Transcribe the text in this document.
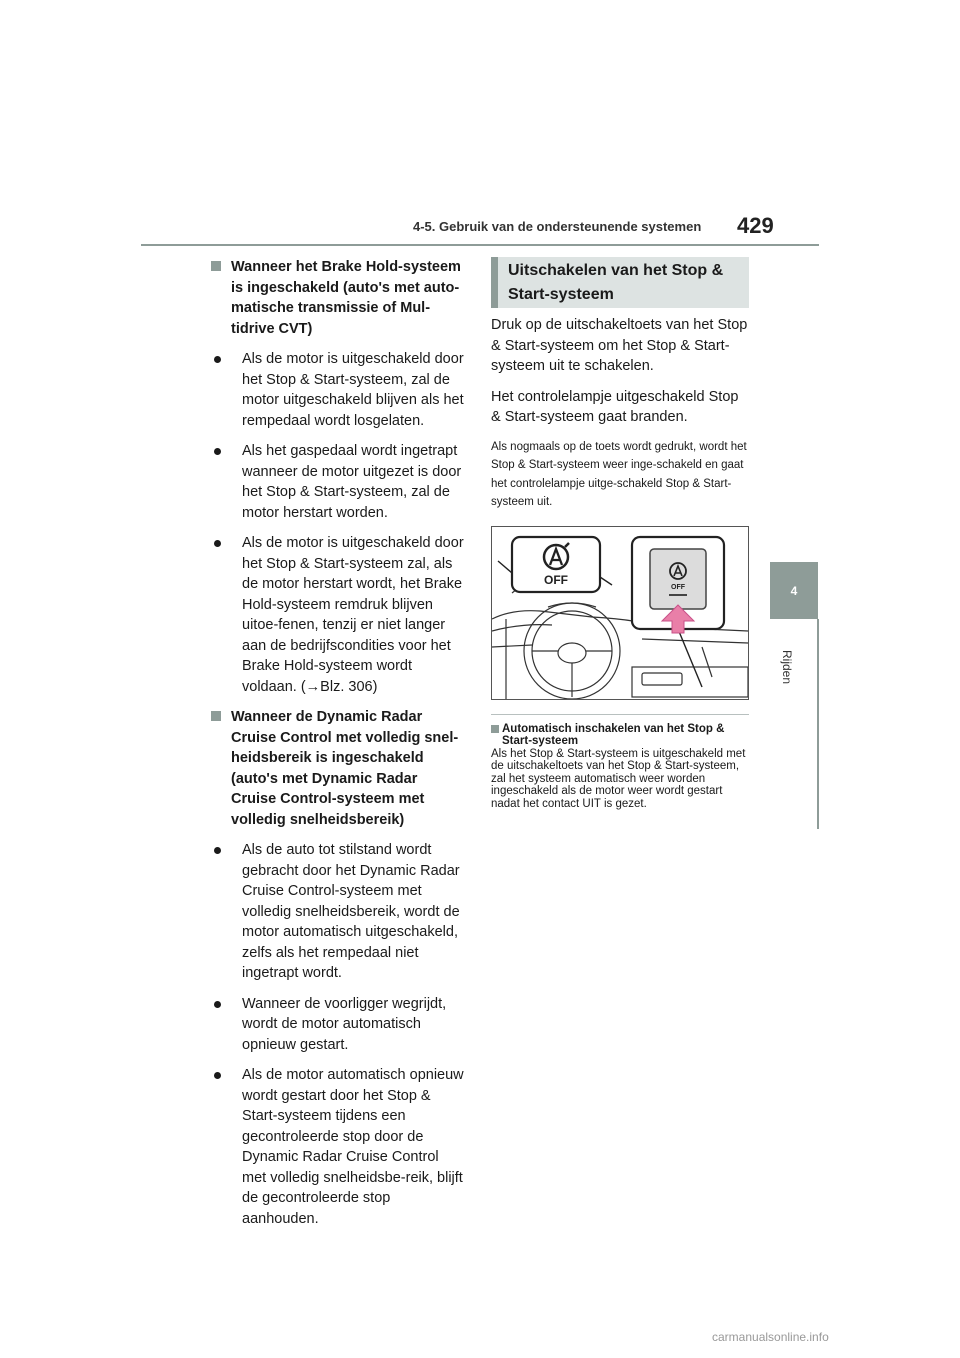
4-5. Gebruik van de ondersteunende systemen 429
4
Rijden
Wanneer het Brake Hold-systeem is ingeschakeld (auto's met auto-matische transmissie of Mul-tidrive CVT)
Als de motor is uitgeschakeld door het Stop & Start-systeem, zal de motor uitgeschakeld blijven als het rempedaal wordt losgelaten.
Als het gaspedaal wordt ingetrapt wanneer de motor uitgezet is door het Stop & Start-systeem, zal de motor herstart worden.
Als de motor is uitgeschakeld door het Stop & Start-systeem zal, als de motor herstart wordt, het Brake Hold-systeem remdruk blijven uitoe-fenen, tenzij er niet langer aan de bedrijfscondities voor het Brake Hold-systeem wordt voldaan. (→Blz. 306)
Wanneer de Dynamic Radar Cruise Control met volledig snel-heidsbereik is ingeschakeld (auto's met Dynamic Radar Cruise Control-systeem met volledig snelheidsbereik)
Als de auto tot stilstand wordt gebracht door het Dynamic Radar Cruise Control-systeem met volledig snelheidsbereik, wordt de motor automatisch uitgeschakeld, zelfs als het rempedaal niet ingetrapt wordt.
Wanneer de voorligger wegrijdt, wordt de motor automatisch opnieuw gestart.
Als de motor automatisch opnieuw wordt gestart door het Stop & Start-systeem tijdens een gecontroleerde stop door de Dynamic Radar Cruise Control met volledig snelheidsbe-reik, blijft de gecontroleerde stop aanhouden.
Uitschakelen van het Stop & Start-systeem
Druk op de uitschakeltoets van het Stop & Start-systeem om het Stop & Start-systeem uit te schakelen.
Het controlelampje uitgeschakeld Stop & Start-systeem gaat branden.
Als nogmaals op de toets wordt gedrukt, wordt het Stop & Start-systeem weer inge-schakeld en gaat het controlelampje uitge-schakeld Stop & Start-systeem uit.
OFF
OFF
Automatisch inschakelen van het Stop & Start-systeem
Als het Stop & Start-systeem is uitgeschakeld met de uitschakeltoets van het Stop & Start-systeem, zal het systeem automatisch weer worden ingeschakeld als de motor weer wordt gestart nadat het contact UIT is gezet.
carmanualsonline.info
